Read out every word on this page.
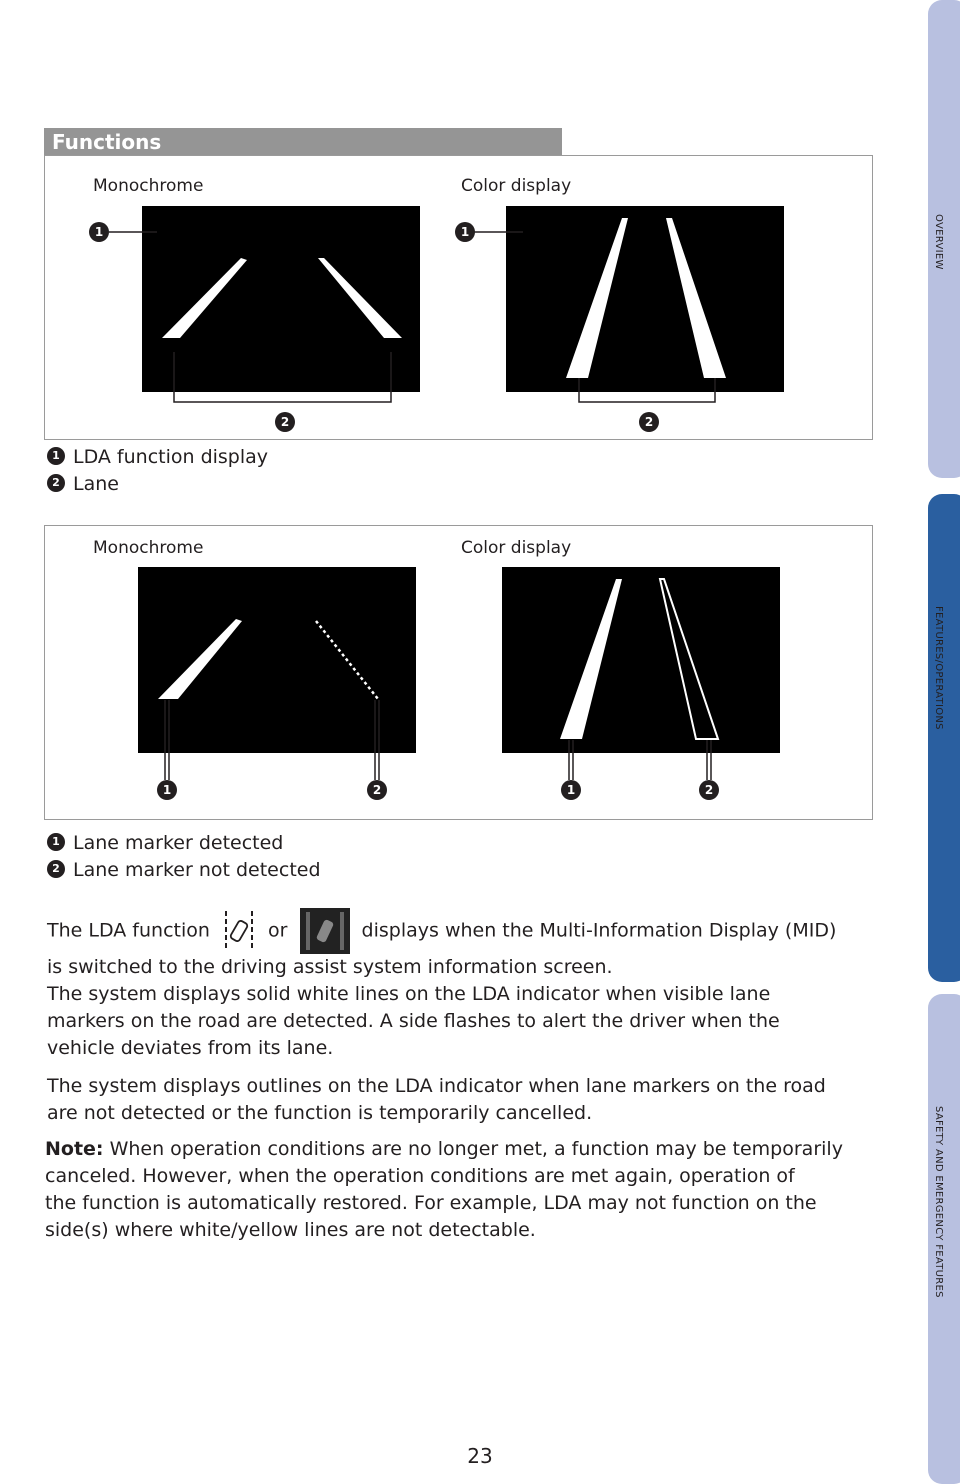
OVERVIEW
FEATURES/OPERATIONS
SAFETY AND EMERGENCY FEATURES
Functions
Monochrome	Color display
1	1
2	2
1 LDA function display
2 Lane
Monochrome	Color display
1	2	1	2
1 Lane marker detected
2 Lane marker not detected

The LDA function	or	displays when the Multi-Information Display (MID)

is switched to the driving assist system information screen.

The system displays solid white lines on the LDA indicator when visible lane

markers on the road are detected. A side flashes to alert the driver when the

vehicle deviates from its lane.

The system displays outlines on the LDA indicator when lane markers on the road

are not detected or the function is temporarily cancelled.

Note: When operation conditions are no longer met, a function may be temporarily

canceled. However, when the operation conditions are met again, operation of

the function is automatically restored. For example, LDA may not function on the

side(s) where white/yellow lines are not detectable.

23
